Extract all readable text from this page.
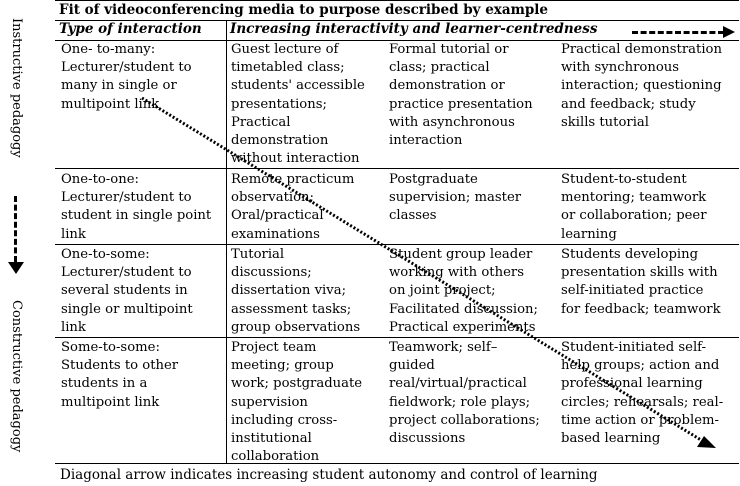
Instructive pedagogy
Constructive pedagogy
Fit of videoconferencing media to purpose described by example
Type of interaction Increasing interactivity and learner-centredness
One- to-many:
Lecturer/student to
many in single or
multipoint link
Guest lecture of
timetabled class;
students' accessible
presentations;
Practical
demonstration
without interaction
Formal tutorial or
class; practical
demonstration or
practice presentation
with asynchronous
interaction
Practical demonstration
with synchronous
interaction; questioning
and feedback; study
skills tutorial
One-to-one:
Lecturer/student to
student in single point
link
Remote practicum
observation;
Oral/practical
examinations
Postgraduate
supervision; master
classes
Student-to-student
mentoring; teamwork
or collaboration; peer
learning
One-to-some:
Lecturer/student to
several students in
single or multipoint
link
Tutorial
discussions;
dissertation viva;
assessment tasks;
group observations
Student group leader
working with others
on joint project;
Facilitated discussion;
Practical experiments
Students developing
presentation skills with
self-initiated practice
for feedback; teamwork
Some-to-some:
Students to other
students in a
multipoint link
Project team
meeting; group
work; postgraduate
supervision
including cross-
institutional
collaboration
Teamwork; self–
guided
real/virtual/practical
fieldwork; role plays;
project collaborations;
discussions
Student-initiated self-
help groups; action and
professional learning
circles; rehearsals; real-
time action or problem-
based learning
Diagonal arrow indicates increasing student autonomy and control of learning
